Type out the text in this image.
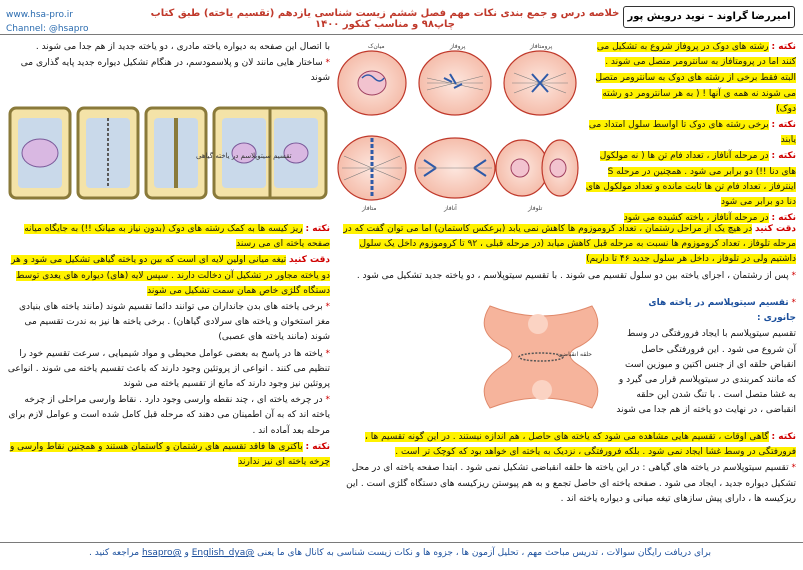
www.hsa-pro.ir
Channel: @hsapro
خلاصه درس و جمع بندی نکات مهم فصل ششم زیست شناسی یازدهم (تقسیم یاخته) طبق کتاب چاپ۹۸ و مناسب کنکور ۱۴۰۰
امیررضا گراوند – نوید درویش پور
میان‌ک	پروفاز	پرومتافاز
متافاز	آنافاز	تلوفاز

نکته : رشته های دوک در پروفاز شروع به تشکیل می کنند اما در پرومتافاز به سانترومر متصل می شوند .

البته فقط برخی از رشته های دوک به سانترومر متصل می شوند نه همه ی آنها ! ( به هر سانترومر دو رشته دوک)

نکته : برخی رشته های دوک تا اواسط سلول امتداد می یابند

نکته : در مرحله آنافاز ، تعداد فام تن ها ( نه مولکول های دنا !!) دو برابر می شود . همچنین در مرحله S اینترفاز ، تعداد فام تن ها ثابت مانده و تعداد مولکول های دنا دو برابر می شود

نکته : در مرحله آنافاز ، یاخته کشیده می شود

دقت کنید در هیچ یک از مراحل رشتمان ، تعداد کروموزوم ها کاهش نمی یابد (برعکس کاستمان) اما می توان گفت که در مرحله تلوفاز ، تعداد کروموزوم ها نسبت به مرحله قبل کاهش میابد (در مرحله قبلی ، ۹۲ تا کروموزوم داخل یک سلول داشتیم ولی در تلوفاز ، داخل هر سلول جدید ۴۶ تا داریم)

* پس از رشتمان ، اجزای یاخته بین دو سلول تقسیم می شوند . با تقسیم سیتوپلاسم ، دو یاخته جدید تشکیل می شود .

حلقه انقباضی

* تقسیم سیتوپلاسم در یاخته های جانوری :

تقسیم سیتوپلاسم با ایجاد فرورفتگی در وسط آن شروع می شود . این فرورفتگی حاصل انقباض حلقه ای از جنس اکتین و میوزین است که مانند کمربندی در سیتوپلاسم قرار می گیرد و به غشا متصل است . با تنگ شدن این حلقه انقباضی ، در نهایت دو یاخته از هم جدا می شوند

نکته : گاهی اوقات ، تقسیم هایی مشاهده می شود که یاخته های حاصل ، هم اندازه نیستند . در این گونه تقسیم ها ، فرورفتگی در وسط غشا ایجاد نمی شود . بلکه فرورفتگی ، نزدیک به یاخته ای خواهد بود که کوچک تر است .

* تقسیم سیتوپلاسم در یاخته های گیاهی : در این یاخته ها حلقه انقباضی تشکیل نمی شود . ابتدا صفحه یاخته ای در محل تشکیل دیواره جدید ، ایجاد می شود . صفحه یاخته ای حاصل تجمع و به هم پیوستن ریزکیسه های دستگاه گلژی است . این ریزکیسه ها ، دارای پیش سازهای تیغه میانی و دیواره یاخته اند .

با اتصال این صفحه به دیواره یاخته مادری ، دو یاخته جدید از هم جدا می شوند .

* ساختار هایی مانند لان و پلاسمودسم، در هنگام تشکیل دیواره جدید پایه گذاری می شوند

تقسیم سیتوپلاسم در یاخته گیاهی

نکته : ریز کیسه ها به کمک رشته های دوک (بدون نیاز به میانک !!) به جایگاه میانه صفحه یاخته ای می رسند

دقت کنید تیغه میانی اولین لایه ای است که بین دو یاخته گیاهی تشکیل می شود و هر دو یاخته مجاور در تشکیل آن دخالت دارند . سپس لایه (های) دیواره های یعدی توسط دستگاه گلژی خاص همان سمت تشکیل می شوند

* برخی یاخته های بدن جانداران می توانند دائما تقسیم شوند (مانند یاخته های بنیادی مغز استخوان و یاخته های سرلادی گیاهان) . برخی یاخته ها نیز به ندرت تقسیم می شوند (مانند یاخته های عصبی)

* یاخته ها در پاسخ به بعضی عوامل محیطی و مواد شیمیایی ، سرعت تقسیم خود را تنظیم می کنند . انواعی از پروتئین وجود دارند که باعث تقسیم یاخته می شوند . انواعی پروتئین نیز وجود دارند که مانع از تقسیم یاخته می شوند

* در چرخه یاخته ای ، چند نقطه وارسی وجود دارد . نقاط وارسی مراحلی از چرخه یاخته اند که به آن اطمینان می دهند که مرحله قبل کامل شده است و عوامل لازم برای مرحله بعد آماده اند .

نکته : باکتری ها فاقد تقسیم های رشتمان و کاستمان هستند و همچنین نقاط وارسی و چرخه یاخته ای نیز ندارند

برای دریافت رایگان سوالات ، تدریس مباحث مهم ، تحلیل آزمون ها ، جزوه ها و نکات زیست شناسی به کانال های ما یعنی @English_dya و @hsapro مراجعه کنید .
